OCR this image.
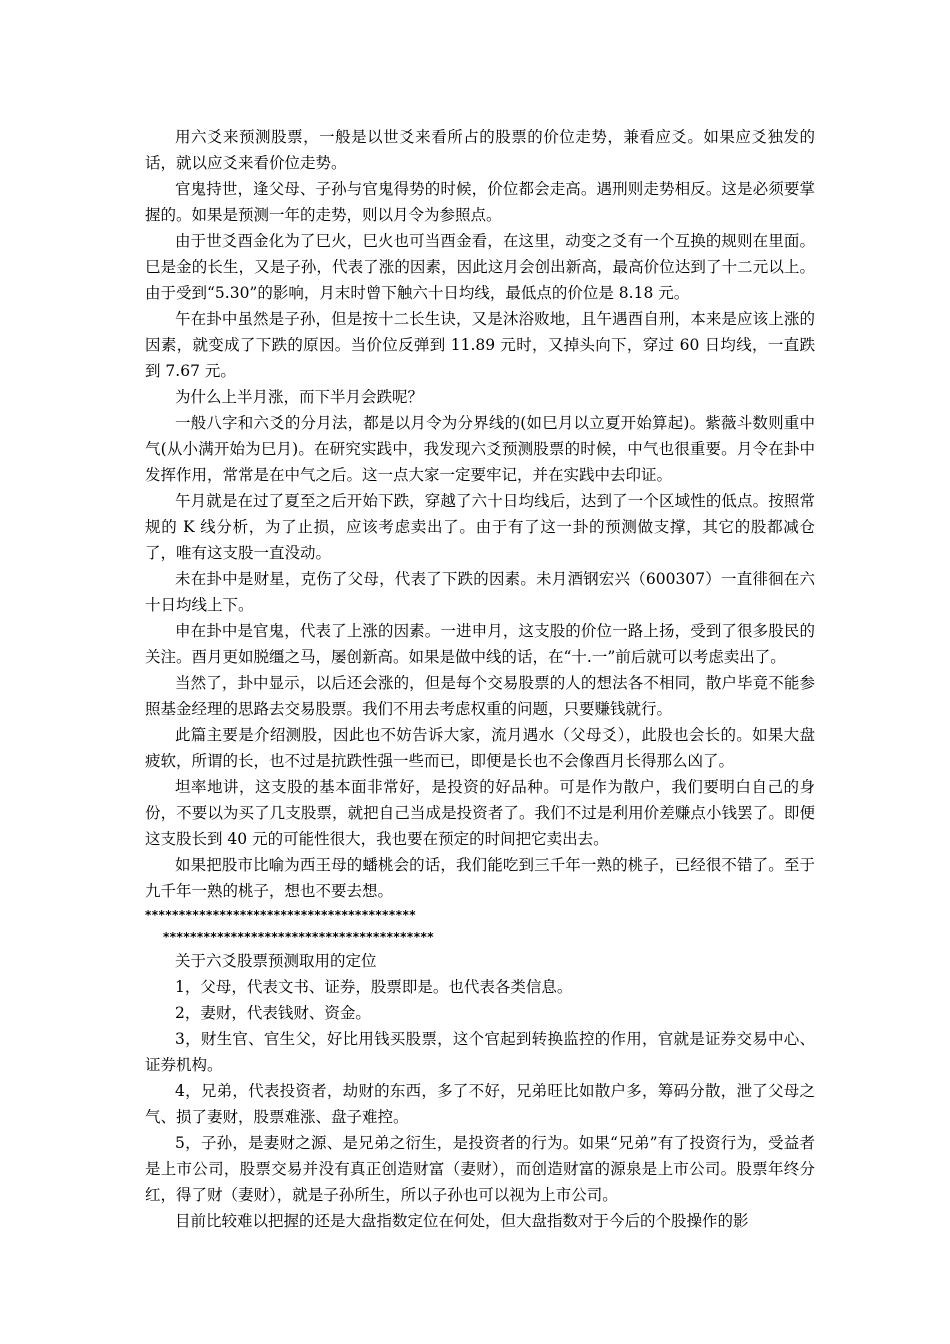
用六爻来预测股票，一般是以世爻来看所占的股票的价位走势，兼看应爻。如果应爻独发的话，就以应爻来看价位走势。

官鬼持世，逢父母、子孙与官鬼得势的时候，价位都会走高。遇刑则走势相反。这是必须要掌握的。如果是预测一年的走势，则以月令为参照点。

由于世爻酉金化为了巳火，巳火也可当酉金看，在这里，动变之爻有一个互换的规则在里面。巳是金的长生，又是子孙，代表了涨的因素，因此这月会创出新高，最高价位达到了十二元以上。由于受到“5.30”的影响，月末时曾下触六十日均线，最低点的价位是 8.18 元。

午在卦中虽然是子孙，但是按十二长生诀，又是沐浴败地，且午遇酉自刑，本来是应该上涨的因素，就变成了下跌的原因。当价位反弹到 11.89 元时，又掉头向下，穿过 60 日均线，一直跌到 7.67 元。

为什么上半月涨，而下半月会跌呢？

一般八字和六爻的分月法，都是以月令为分界线的(如巳月以立夏开始算起)。紫薇斗数则重中气(从小满开始为巳月)。在研究实践中，我发现六爻预测股票的时候，中气也很重要。月令在卦中发挥作用，常常是在中气之后。这一点大家一定要牢记，并在实践中去印证。

午月就是在过了夏至之后开始下跌，穿越了六十日均线后，达到了一个区域性的低点。按照常规的 K 线分析，为了止损，应该考虑卖出了。由于有了这一卦的预测做支撑，其它的股都减仓了，唯有这支股一直没动。

未在卦中是财星，克伤了父母，代表了下跌的因素。未月酒钢宏兴（600307）一直徘徊在六十日均线上下。

申在卦中是官鬼，代表了上涨的因素。一进申月，这支股的价位一路上扬，受到了很多股民的关注。酉月更如脱缰之马，屡创新高。如果是做中线的话，在“十.一”前后就可以考虑卖出了。

当然了，卦中显示，以后还会涨的，但是每个交易股票的人的想法各不相同，散户毕竟不能参照基金经理的思路去交易股票。我们不用去考虑权重的问题，只要赚钱就行。

此篇主要是介绍测股，因此也不妨告诉大家，流月遇水（父母爻），此股也会长的。如果大盘疲软，所谓的长，也不过是抗跌性强一些而已，即便是长也不会像酉月长得那么凶了。

坦率地讲，这支股的基本面非常好，是投资的好品种。可是作为散户，我们要明白自己的身份，不要以为买了几支股票，就把自己当成是投资者了。我们不过是利用价差赚点小钱罢了。即便这支股长到 40 元的可能性很大，我也要在预定的时间把它卖出去。

如果把股市比喻为西王母的蟠桃会的话，我们能吃到三千年一熟的桃子，已经很不错了。至于九千年一熟的桃子，想也不要去想。

****************************************

****************************************

关于六爻股票预测取用的定位

1，父母，代表文书、证券，股票即是。也代表各类信息。

2，妻财，代表钱财、资金。

3，财生官、官生父，好比用钱买股票，这个官起到转换监控的作用，官就是证券交易中心、证券机构。

4，兄弟，代表投资者，劫财的东西，多了不好，兄弟旺比如散户多，筹码分散，泄了父母之气、损了妻财，股票难涨、盘子难控。

5，子孙，是妻财之源、是兄弟之衍生，是投资者的行为。如果“兄弟”有了投资行为，受益者是上市公司，股票交易并没有真正创造财富（妻财），而创造财富的源泉是上市公司。股票年终分红，得了财（妻财），就是子孙所生，所以子孙也可以视为上市公司。

目前比较难以把握的还是大盘指数定位在何处，但大盘指数对于今后的个股操作的影
